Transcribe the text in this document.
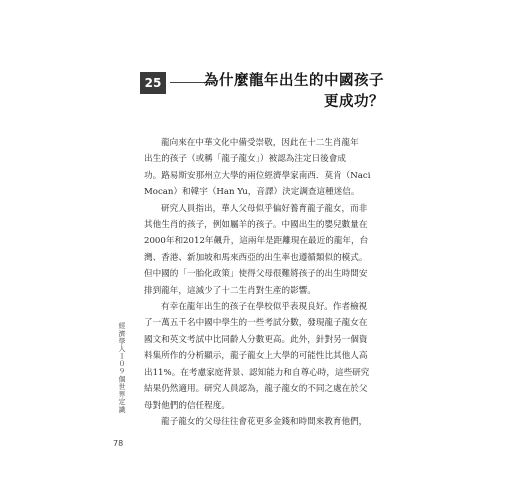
25	為什麼龍年出生的中國孩子
更成功？

龍向來在中華文化中備受崇敬，因此在十二生肖龍年
出生的孩子（或稱「龍子龍女」）被認為注定日後會成
功。路易斯安那州立大學的兩位經濟學家南西．莫肯（Naci
Mocan）和韓宇（Han Yu，音譯）決定調查這種迷信。

研究人員指出，華人父母似乎偏好養育龍子龍女，而非
其他生肖的孩子，例如屬羊的孩子。中國出生的嬰兒數量在
2000年和2012年飆升，這兩年是距離現在最近的龍年，台
灣、香港、新加坡和馬來西亞的出生率也遵循類似的模式。
但中國的「一胎化政策」使得父母很難將孩子的出生時間安
排到龍年，這減少了十二生肖對生產的影響。

有幸在龍年出生的孩子在學校似乎表現良好。作者檢視
了一萬五千名中國中學生的一些考試分數，發現龍子龍女在
國文和英文考試中比同齡人分數更高。此外，針對另一個資
料集所作的分析顯示，龍子龍女上大學的可能性比其他人高
出11%。在考慮家庭背景、認知能力和自尊心時，這些研究
結果仍然適用。研究人員認為，龍子龍女的不同之處在於父
母對他們的信任程度。

龍子龍女的父母往往會花更多金錢和時間來教育他們，

經濟學人１０９個世界定識
78
